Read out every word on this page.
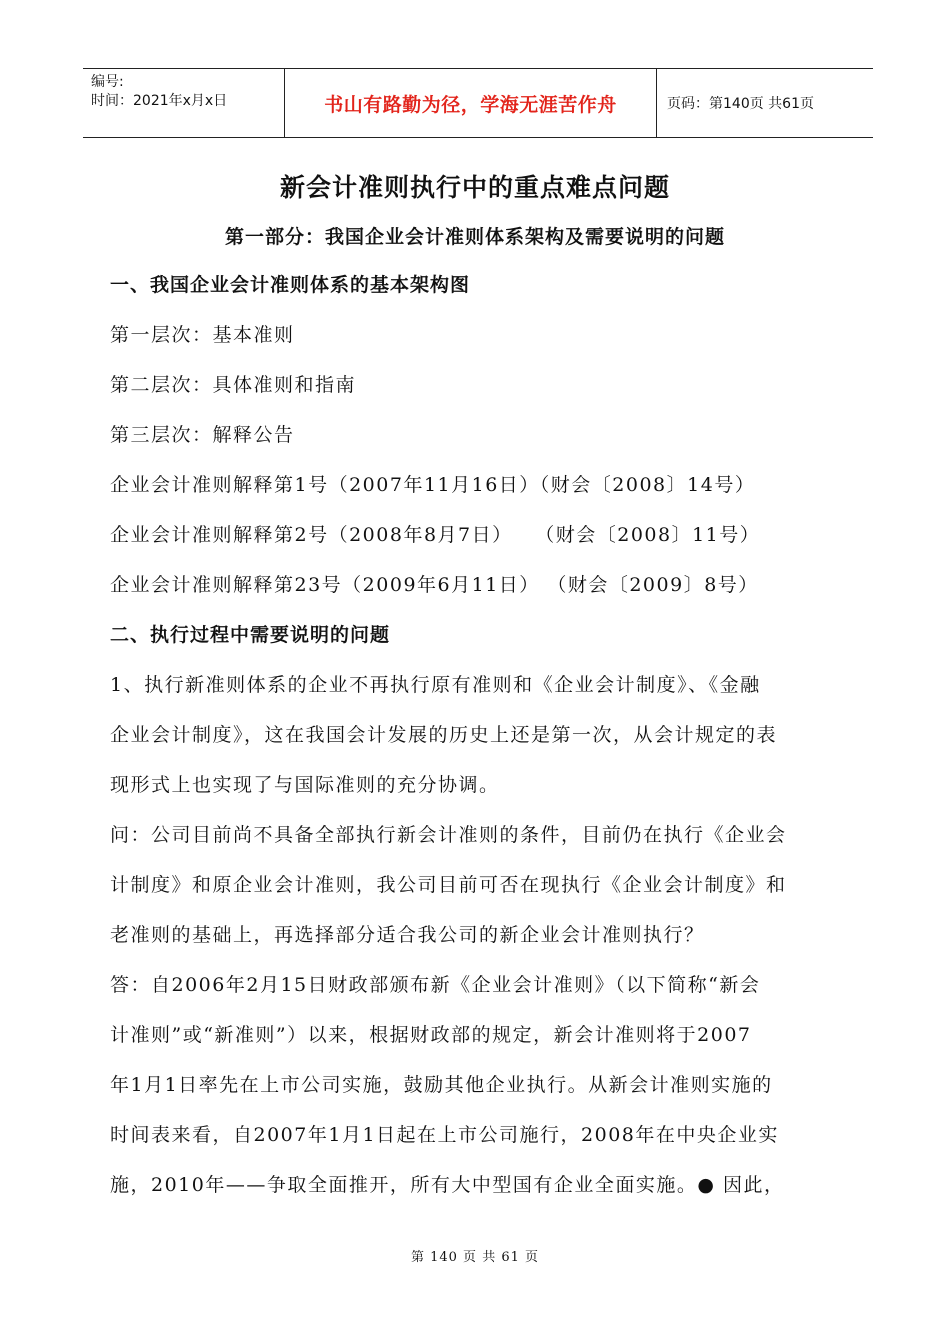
编号:
时间：2021年x月x日	书山有路勤为径，学海无涯苦作舟	页码：第140页 共61页
新会计准则执行中的重点难点问题
第一部分：我国企业会计准则体系架构及需要说明的问题
一、我国企业会计准则体系的基本架构图
第一层次：基本准则
第二层次：具体准则和指南
第三层次：解释公告
企业会计准则解释第1号（2007年11月16日）（财会〔2008〕14号）
企业会计准则解释第2号（2008年8月7日）   （财会〔2008〕11号）
企业会计准则解释第23号（2009年6月11日） （财会〔2009〕8号）
二、执行过程中需要说明的问题
1、执行新准则体系的企业不再执行原有准则和《企业会计制度》、《金融
企业会计制度》，这在我国会计发展的历史上还是第一次，从会计规定的表
现形式上也实现了与国际准则的充分协调。
问：公司目前尚不具备全部执行新会计准则的条件，目前仍在执行《企业会
计制度》和原企业会计准则，我公司目前可否在现执行《企业会计制度》和
老准则的基础上，再选择部分适合我公司的新企业会计准则执行？
答：自2006年2月15日财政部颁布新《企业会计准则》（以下简称“新会
计准则”或“新准则”）以来，根据财政部的规定，新会计准则将于2007
年1月1日率先在上市公司实施，鼓励其他企业执行。从新会计准则实施的
时间表来看，自2007年1月1日起在上市公司施行，2008年在中央企业实
施，2010年——争取全面推开，所有大中型国有企业全面实施。● 因此，
第 140 页 共 61 页
